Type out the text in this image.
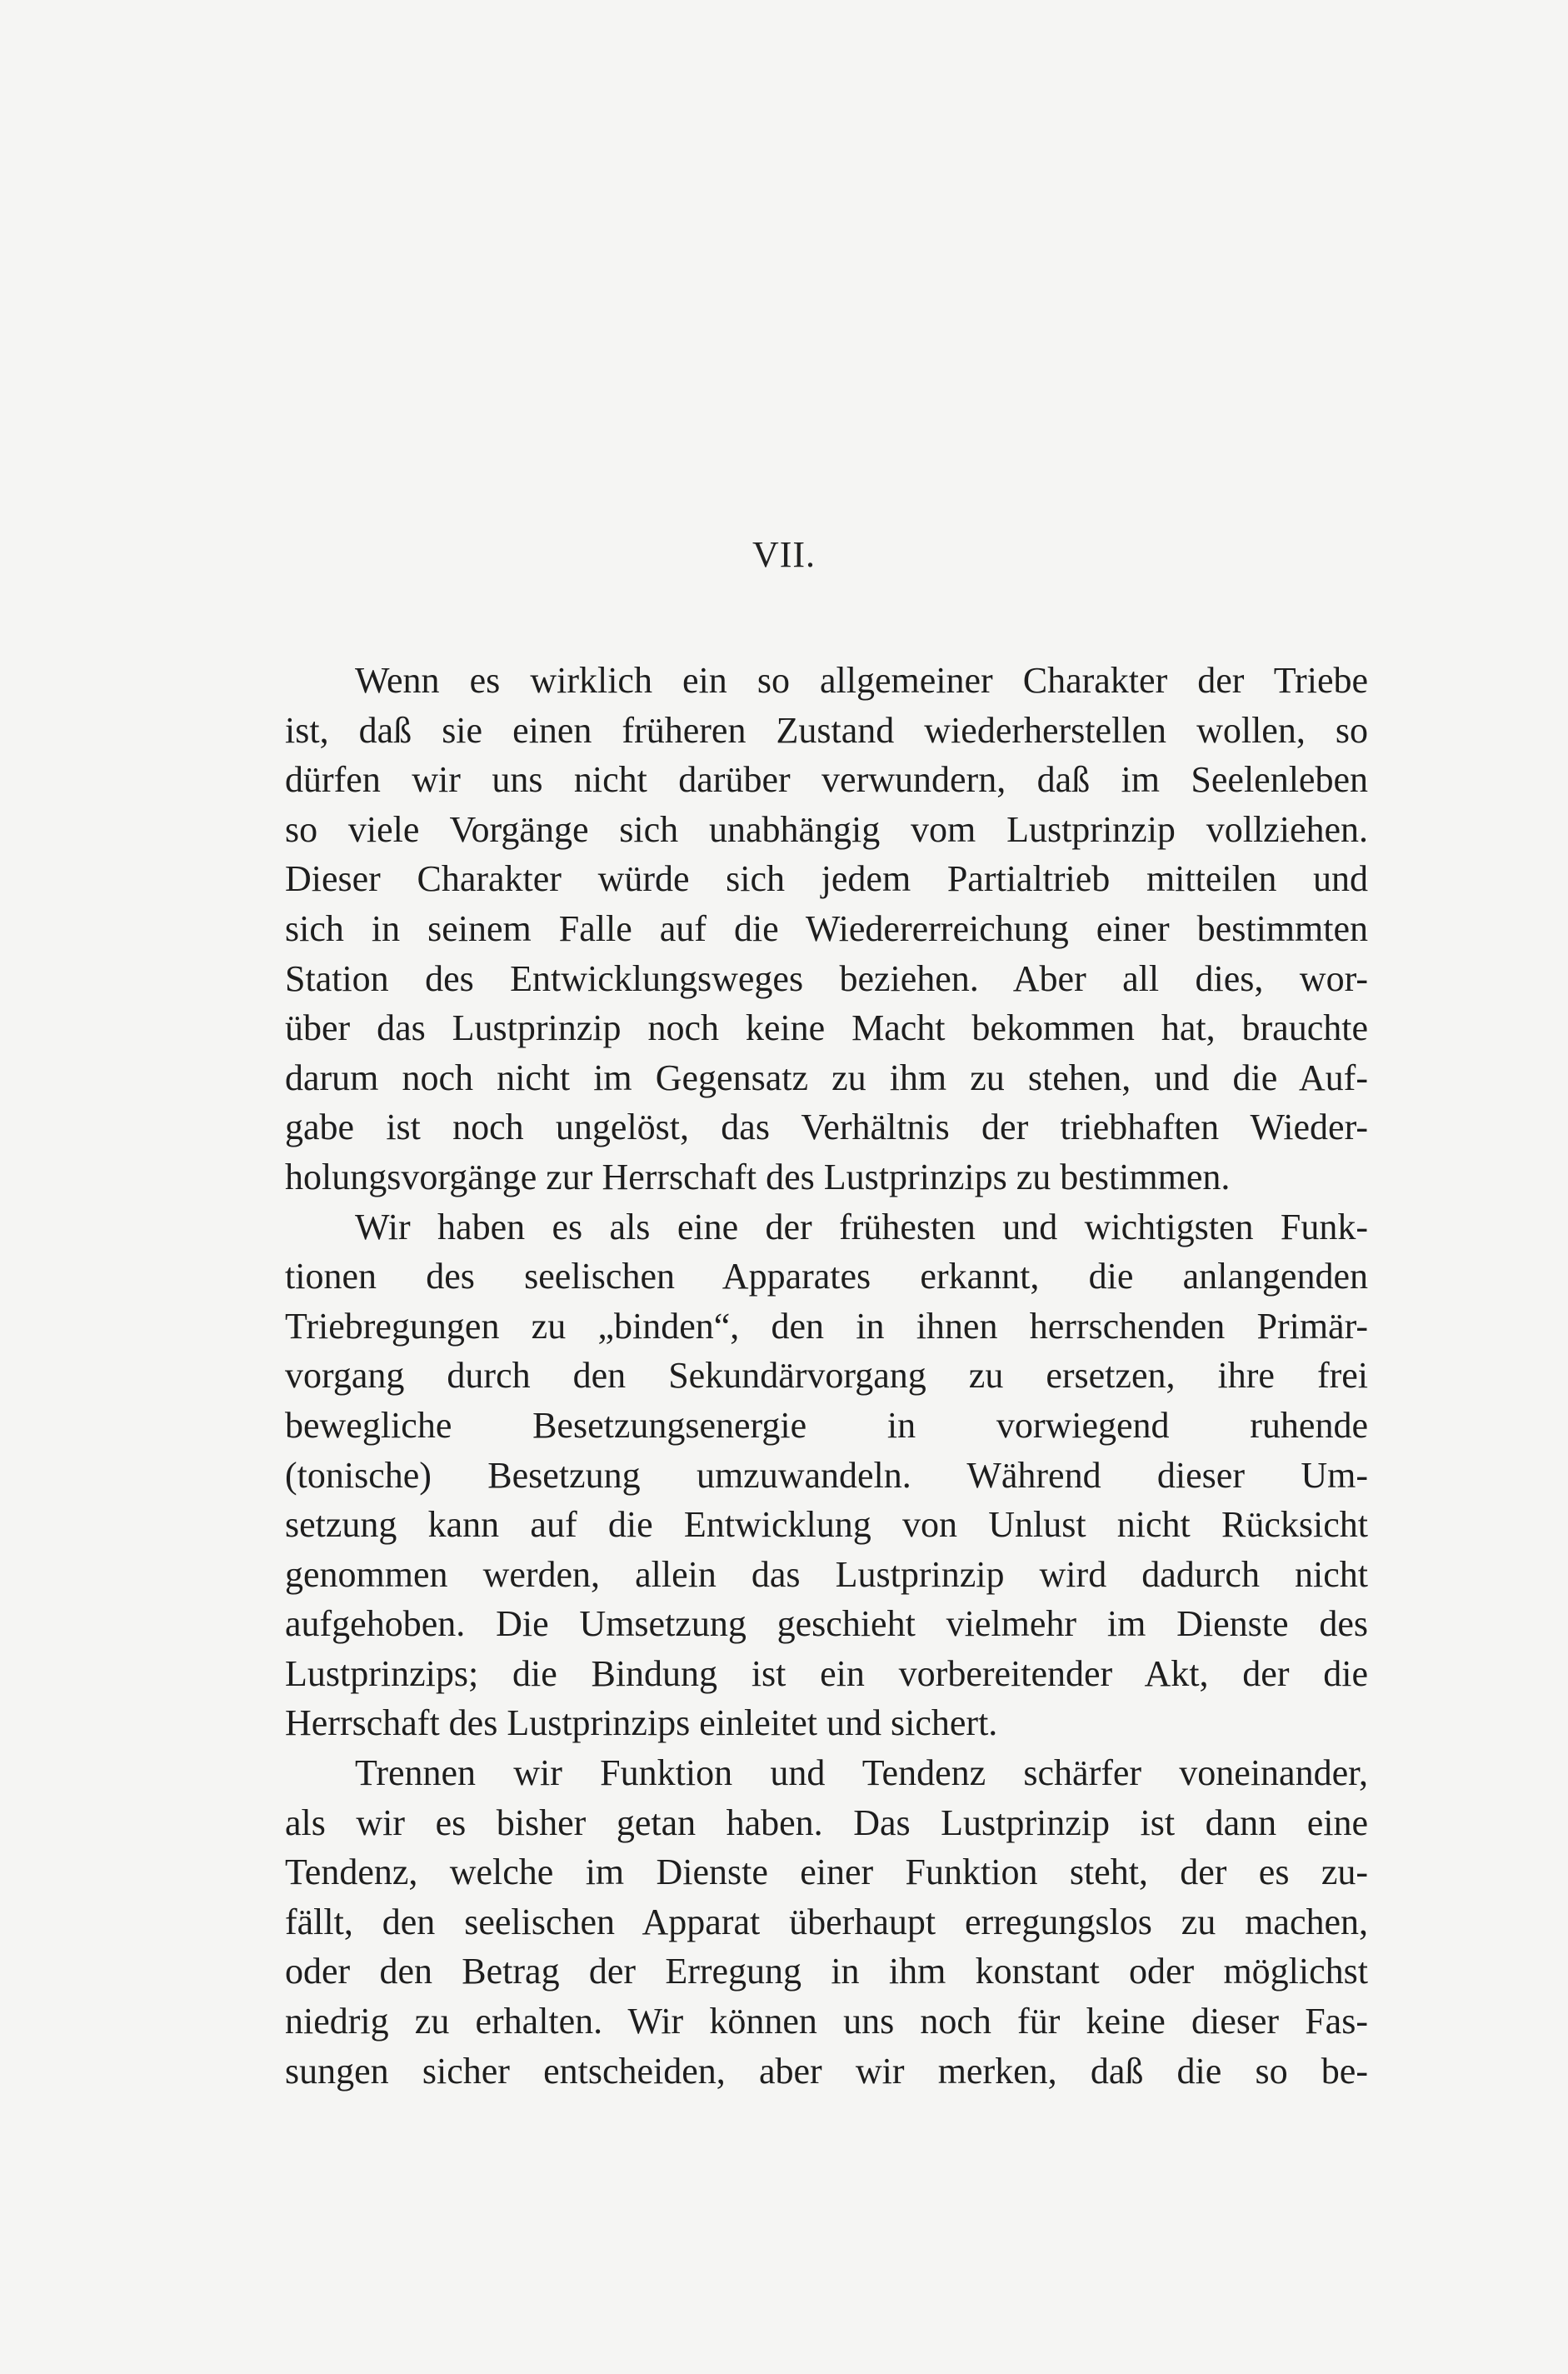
VII.
Wenn es wirklich ein so allgemeiner Charakter der Triebe
ist, daß sie einen früheren Zustand wiederherstellen wollen, so
dürfen wir uns nicht darüber verwundern, daß im Seelenleben
so viele Vorgänge sich unabhängig vom Lustprinzip vollziehen.
Dieser Charakter würde sich jedem Partialtrieb mitteilen und
sich in seinem Falle auf die Wiedererreichung einer bestimmten
Station des Entwicklungsweges beziehen. Aber all dies, wor-
über das Lustprinzip noch keine Macht bekommen hat, brauchte
darum noch nicht im Gegensatz zu ihm zu stehen, und die Auf-
gabe ist noch ungelöst, das Verhältnis der triebhaften Wieder-
holungsvorgänge zur Herrschaft des Lustprinzips zu bestimmen.
Wir haben es als eine der frühesten und wichtigsten Funk-
tionen des seelischen Apparates erkannt, die anlangenden
Triebregungen zu „binden“, den in ihnen herrschenden Primär-
vorgang durch den Sekundärvorgang zu ersetzen, ihre frei
bewegliche Besetzungsenergie in vorwiegend ruhende
(tonische) Besetzung umzuwandeln. Während dieser Um-
setzung kann auf die Entwicklung von Unlust nicht Rücksicht
genommen werden, allein das Lustprinzip wird dadurch nicht
aufgehoben. Die Umsetzung geschieht vielmehr im Dienste des
Lustprinzips; die Bindung ist ein vorbereitender Akt, der die
Herrschaft des Lustprinzips einleitet und sichert.
Trennen wir Funktion und Tendenz schärfer voneinander,
als wir es bisher getan haben. Das Lustprinzip ist dann eine
Tendenz, welche im Dienste einer Funktion steht, der es zu-
fällt, den seelischen Apparat überhaupt erregungslos zu machen,
oder den Betrag der Erregung in ihm konstant oder möglichst
niedrig zu erhalten. Wir können uns noch für keine dieser Fas-
sungen sicher entscheiden, aber wir merken, daß die so be-
